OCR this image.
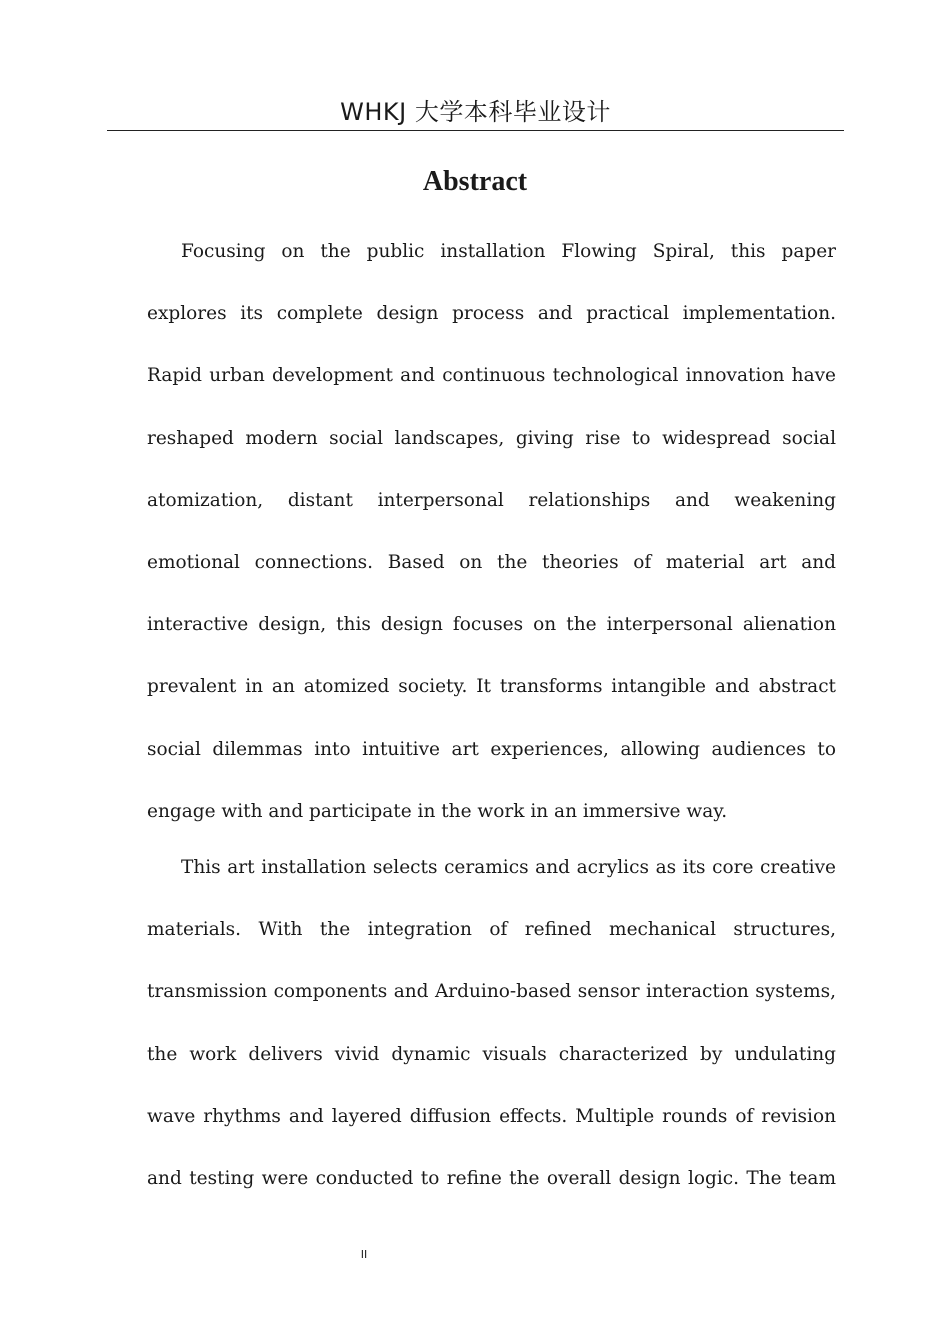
WHKJ 大学本科毕业设计
Abstract

Focusing on the public installation Flowing Spiral, this paper explores its complete design process and practical implementation. Rapid urban development and continuous technological innovation have reshaped modern social landscapes, giving rise to widespread social atomization, distant interpersonal relationships and weakening emotional connections. Based on the theories of material art and interactive design, this design focuses on the interpersonal alienation prevalent in an atomized society. It transforms intangible and abstract social dilemmas into intuitive art experiences, allowing audiences to engage with and participate in the work in an immersive way.

This art installation selects ceramics and acrylics as its core creative materials. With the integration of refined mechanical structures, transmission components and Arduino-based sensor interaction systems, the work delivers vivid dynamic visuals characterized by undulating wave rhythms and layered diffusion effects. Multiple rounds of revision and testing were conducted to refine the overall design logic. The team

II
